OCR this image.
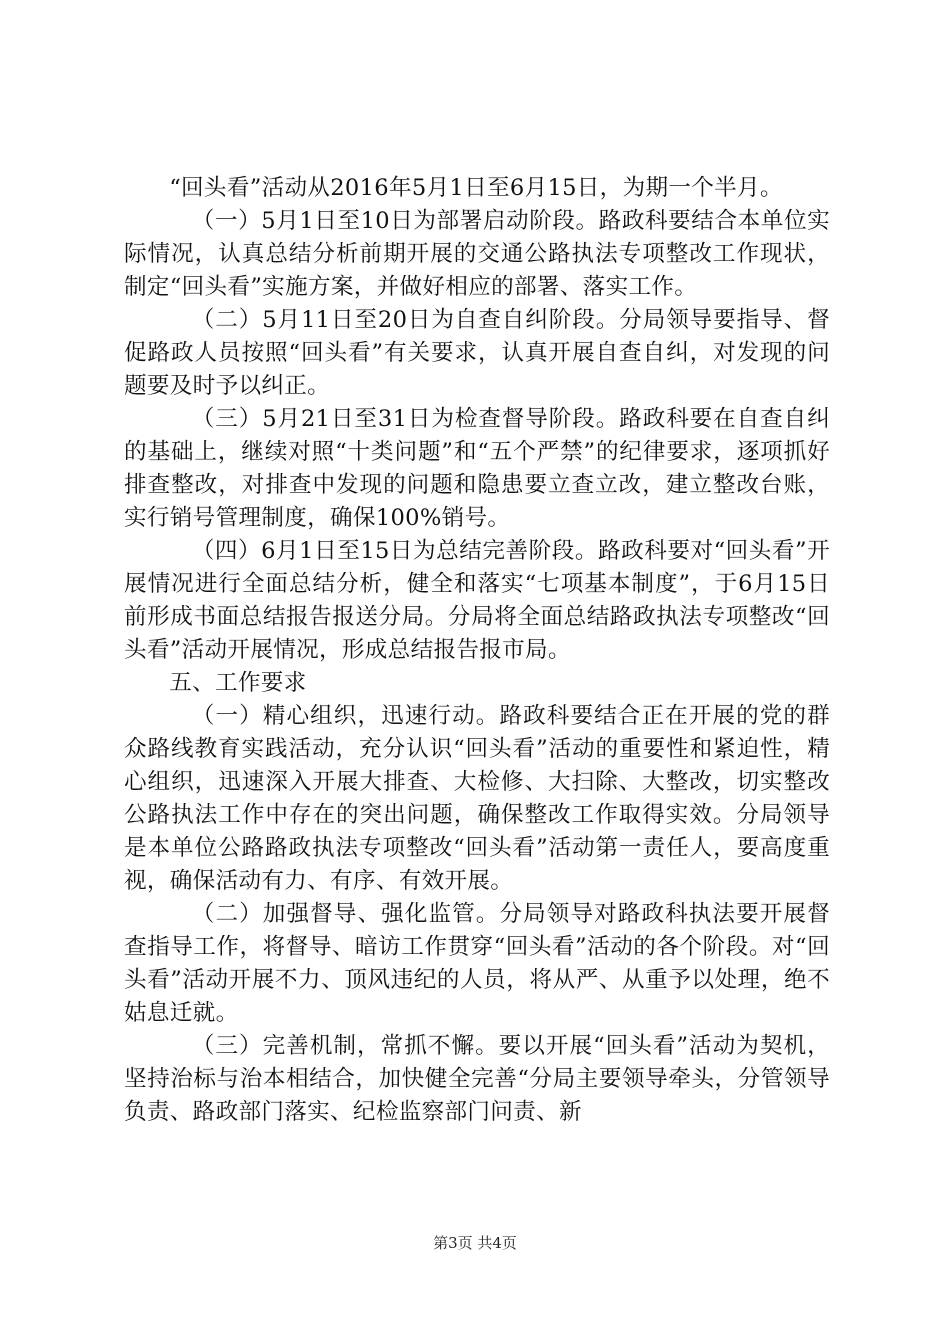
“回头看”活动从2016年5月1日至6月15日，为期一个半月。

（一）5月1日至10日为部署启动阶段。路政科要结合本单位实际情况，认真总结分析前期开展的交通公路执法专项整改工作现状，制定“回头看”实施方案，并做好相应的部署、落实工作。

（二）5月11日至20日为自查自纠阶段。分局领导要指导、督促路政人员按照“回头看”有关要求，认真开展自查自纠，对发现的问题要及时予以纠正。

（三）5月21日至31日为检查督导阶段。路政科要在自查自纠的基础上，继续对照“十类问题”和“五个严禁”的纪律要求，逐项抓好排查整改，对排查中发现的问题和隐患要立查立改，建立整改台账，实行销号管理制度，确保100%销号。

（四）6月1日至15日为总结完善阶段。路政科要对“回头看”开展情况进行全面总结分析，健全和落实“七项基本制度”，于6月15日前形成书面总结报告报送分局。分局将全面总结路政执法专项整改“回头看”活动开展情况，形成总结报告报市局。

五、工作要求

（一）精心组织，迅速行动。路政科要结合正在开展的党的群众路线教育实践活动，充分认识“回头看”活动的重要性和紧迫性，精心组织，迅速深入开展大排查、大检修、大扫除、大整改，切实整改公路执法工作中存在的突出问题，确保整改工作取得实效。分局领导是本单位公路路政执法专项整改“回头看”活动第一责任人，要高度重视，确保活动有力、有序、有效开展。

（二）加强督导、强化监管。分局领导对路政科执法要开展督查指导工作，将督导、暗访工作贯穿“回头看”活动的各个阶段。对“回头看”活动开展不力、顶风违纪的人员，将从严、从重予以处理，绝不姑息迁就。

（三）完善机制，常抓不懈。要以开展“回头看”活动为契机，坚持治标与治本相结合，加快健全完善“分局主要领导牵头，分管领导负责、路政部门落实、纪检监察部门问责、新

第3页 共4页
